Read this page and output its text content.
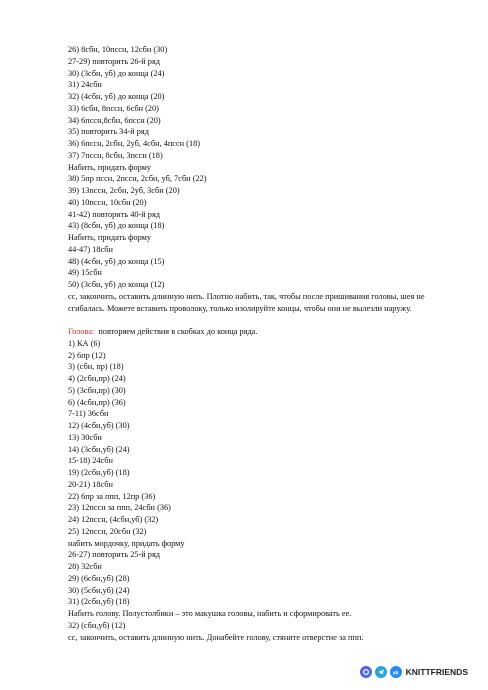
26) 8сбн, 10псcн, 12сбн (30)
27-29) повторить 26-й ряд
30) (3сбн, уб) до конца (24)
31) 24сбн
32) (4сбн, уб) до конца (20)
33) 6сбн, 8псcн, 6сбн (20)
34) 6псcн,8сбн, 6псcн (20)
35) повторить 34-й ряд
36) 6псcн, 2сбн, 2уб, 4сбн, 4псcн (18)
37) 7псcн, 8сбн, 3псcн (18)
Набить, придать форму
38) 5пр псcн, 2псcн, 2сбн, уб, 7сбн (22)
39) 13псcн, 2сбн, 2уб, 3сбн (20)
40) 10псcн, 10сбн (20)
41-42) повторить 40-й ряд
43) (8сбн, уб) до конца (18)
Набить, придать форму
44-47) 18сбн
48) (4сбн, уб) до конца (15)
49) 15сбн
50) (3сбн, уб) до конца (12)
сс, закончить, оставить длинную нить. Плотно набить, так, чтобы после пришивания головы, шея не сгибалась. Можете вставить проволоку, только изолируйте концы, чтобы они не вылезли наружу.
Голова:  повторяем действия в скобках до конца ряда.
1) КА (6)
2) 6пр (12)
3) (сбн, пр) (18)
4) (2сбн,пр) (24)
5) (3сбн,пр) (30)
6) (4сбн,пр) (36)
7-11) 36сбн
12) (4сбн,уб) (30)
13) 30сбн
14) (3сбн,уб) (24)
15-18) 24сбн
19) (2сбн,уб) (18)
20-21) 18сбн
22) 6пр за ппп, 12пр (36)
23) 12псcн за ппп, 24сбн (36)
24) 12псcн, (4сбн,уб) (32)
25) 12псcн, 20сбн (32)
набить мордочку, придать форму
26-27) повторить 25-й ряд
28) 32сбн
29) (6сбн,уб) (28)
30) (5сбн,уб) (24)
31) (2сбн,уб) (18)
Набить голову. Полустолбики – это макушка головы, набить и сформировать ее.
32) (сбн,уб) (12)
сс, закончить, оставить длинную нить. Донабейте голову, стяните отверстие за ппп.
vk KNITTFRIENDS
